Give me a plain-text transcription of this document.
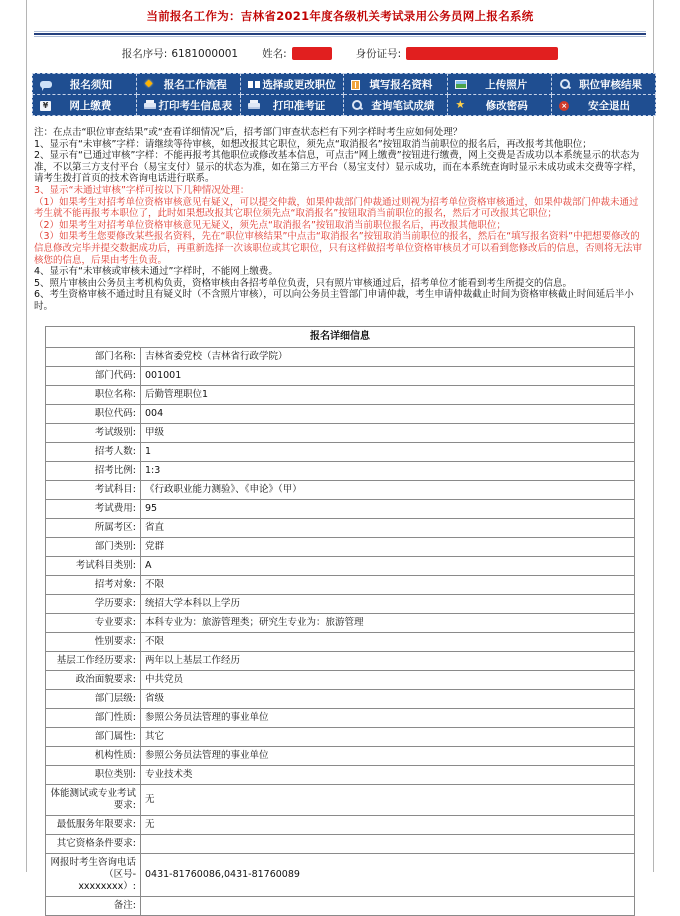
当前报名工作为：吉林省2021年度各级机关考试录用公务员网上报名系统
报名序号: 6181000001 姓名:	身份证号:
报名须知

◆报名工作流程	选择或更改职位	填写报名资料	上传照片	职位审核结果

¥
网上缴费	打印考生信息表	打印准考证	查询笔试成绩

★修改密码

×安全退出

注：在点击“职位审查结果”或“查看详细情况”后，招考部门审查状态栏有下列字样时考生应如何处理？

1、显示有“未审核”字样：请继续等待审核，如想改报其它职位，须先点“取消报名”按钮取消当前职位的报名后，再改报考其他职位；

2、显示有“已通过审核”字样：不能再报考其他职位或修改基本信息，可点击“网上缴费”按钮进行缴费，网上交费是否成功以本系统显示的状态为准，不以第三方支付平台（易宝支付）显示的状态为准，如在第三方平台（易宝支付）显示成功，而在本系统查询时显示未成功或未交费等字样，请考生拨打首页的技术咨询电话进行联系。

3、显示“未通过审核”字样可按以下几种情况处理：

（1）如果考生对招考单位资格审核意见有疑义，可以提交仲裁，如果仲裁部门仲裁通过则视为招考单位资格审核通过，如果仲裁部门仲裁未通过考生就不能再报考本职位了，此时如果想改报其它职位须先点“取消报名”按钮取消当前职位的报名，然后才可改报其它职位；

（2）如果考生对招考单位资格审核意见无疑义，须先点“取消报名”按钮取消当前职位报名后，再改报其他职位；

（3）如果考生您要修改某些报名资料，先在“职位审核结果”中点击“取消报名”按钮取消当前职位的报名，然后在“填写报名资料”中把想要修改的信息修改完毕并提交数据成功后，再重新选择一次该职位或其它职位，只有这样做招考单位资格审核员才可以看到您修改后的信息，否则将无法审核您的信息，后果由考生负责。

4、显示有“未审核或审核未通过”字样时，不能网上缴费。

5、照片审核由公务员主考机构负责，资格审核由各招考单位负责，只有照片审核通过后，招考单位才能看到考生所提交的信息。

6、考生资格审核不通过时且有疑义时（不含照片审核），可以向公务员主管部门申请仲裁，考生申请仲裁截止时间为资格审核截止时间延后半小时。

报名详细信息	
部门名称:	吉林省委党校（吉林省行政学院）
部门代码:	001001
职位名称:	后勤管理职位1
职位代码:	004
考试级别:	甲级
招考人数:	1
招考比例:	1:3
考试科目:	《行政职业能力测验》、《申论》（甲）
考试费用:	95
所属考区:	省直
部门类别:	党群
考试科目类别:	A
招考对象:	不限
学历要求:	统招大学本科以上学历
专业要求:	本科专业为：旅游管理类；研究生专业为：旅游管理
性别要求:	不限
基层工作经历要求:	两年以上基层工作经历
政治面貌要求:	中共党员
部门层级:	省级
部门性质:	参照公务员法管理的事业单位
部门属性:	其它
机构性质:	参照公务员法管理的事业单位
职位类别:	专业技术类
体能测试或专业考试要求:	无
最低服务年限要求:	无
其它资格条件要求:	
网报时考生咨询电话（区号-xxxxxxxx）:	0431-81760086,0431-81760089
备注:	
